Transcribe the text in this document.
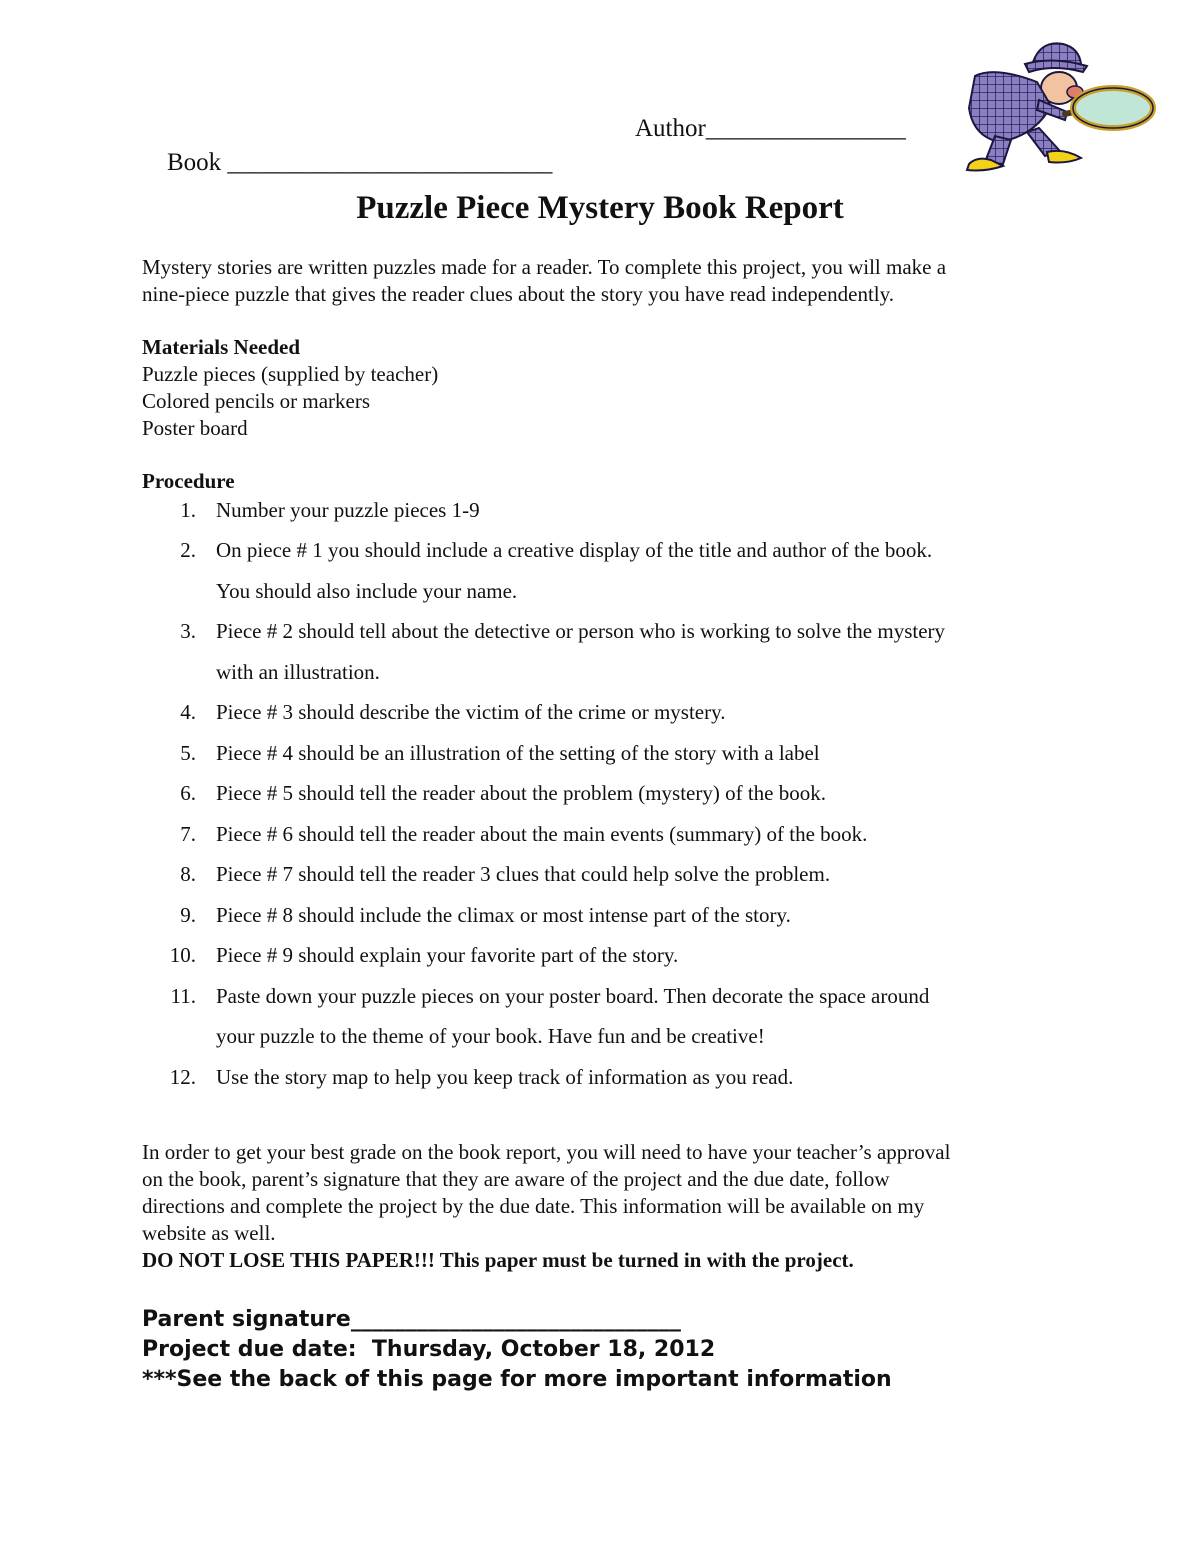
Book __________________________

Author________________

Puzzle Piece Mystery Book Report
Mystery stories are written puzzles made for a reader. To complete this project, you will make a
nine-piece puzzle that gives the reader clues about the story you have read independently.
Materials Needed
Puzzle pieces (supplied by teacher)
Colored pencils or markers
Poster board
Procedure
1. Number your puzzle pieces 1-9
2. On piece # 1 you should include a creative display of the title and author of the book.
You should also include your name.
3. Piece # 2 should tell about the detective or person who is working to solve the mystery
with an illustration.
4. Piece # 3 should describe the victim of the crime or mystery.
5. Piece # 4 should be an illustration of the setting of the story with a label
6. Piece # 5 should tell the reader about the problem (mystery) of the book.
7. Piece # 6 should tell the reader about the main events (summary) of the book.
8. Piece # 7 should tell the reader 3 clues that could help solve the problem.
9. Piece # 8 should include the climax or most intense part of the story.
10. Piece # 9 should explain your favorite part of the story.
11. Paste down your puzzle pieces on your poster board. Then decorate the space around
your puzzle to the theme of your book. Have fun and be creative!
12. Use the story map to help you keep track of information as you read.
In order to get your best grade on the book report, you will need to have your teacher’s approval
on the book, parent’s signature that they are aware of the project and the due date, follow
directions and complete the project by the due date. This information will be available on my
website as well.
DO NOT LOSE THIS PAPER!!! This paper must be turned in with the project.
Parent signature______________________________
Project due date:  Thursday, October 18, 2012
***See the back of this page for more important information
